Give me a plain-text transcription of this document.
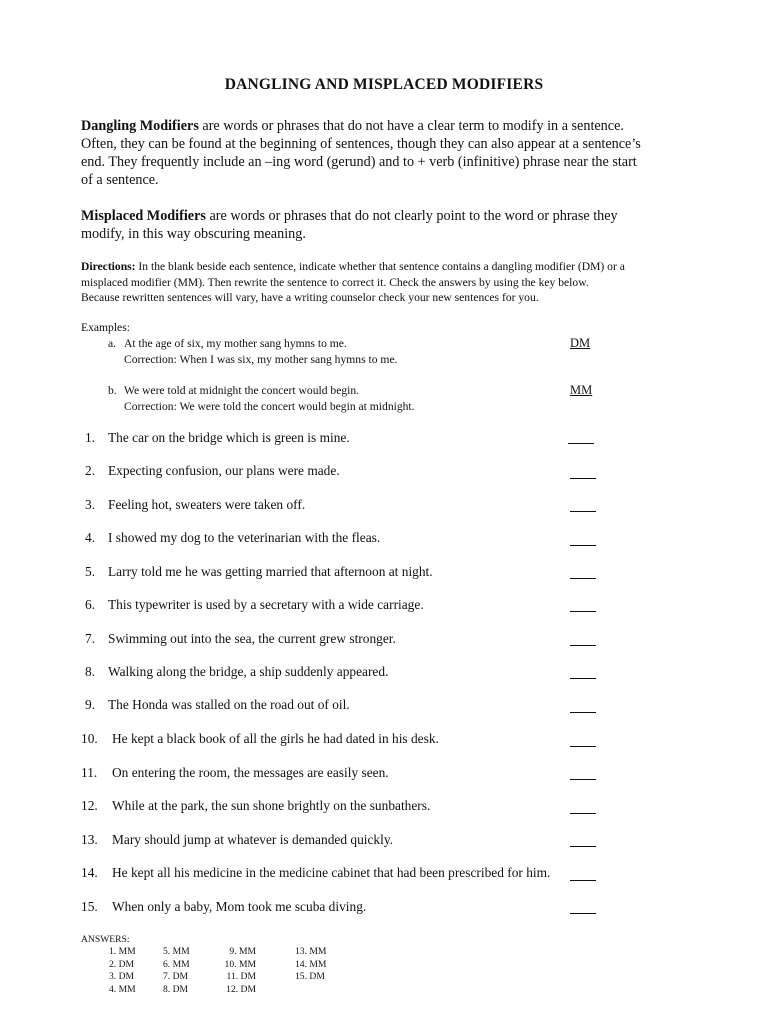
DANGLING AND MISPLACED MODIFIERS
Dangling Modifiers are words or phrases that do not have a clear term to modify in a sentence.
Often, they can be found at the beginning of sentences, though they can also appear at a sentence’s
end. They frequently include an –ing word (gerund) and to + verb (infinitive) phrase near the start
of a sentence.
Misplaced Modifiers are words or phrases that do not clearly point to the word or phrase they
modify, in this way obscuring meaning.
Directions: In the blank beside each sentence, indicate whether that sentence contains a dangling modifier (DM) or a
misplaced modifier (MM). Then rewrite the sentence to correct it. Check the answers by using the key below.
Because rewritten sentences will vary, have a writing counselor check your new sentences for you.
Examples:
a. At the age of six, my mother sang hymns to me.
Correction: When I was six, my mother sang hymns to me.
DM
b. We were told at midnight the concert would begin.
Correction: We were told the concert would begin at midnight.
MM
1. The car on the bridge which is green is mine.
2. Expecting confusion, our plans were made.
3. Feeling hot, sweaters were taken off.
4. I showed my dog to the veterinarian with the fleas.
5. Larry told me he was getting married that afternoon at night.
6. This typewriter is used by a secretary with a wide carriage.
7. Swimming out into the sea, the current grew stronger.
8. Walking along the bridge, a ship suddenly appeared.
9. The Honda was stalled on the road out of oil.
10. He kept a black book of all the girls he had dated in his desk.
11. On entering the room, the messages are easily seen.
12. While at the park, the sun shone brightly on the sunbathers.
13. Mary should jump at whatever is demanded quickly.
14. He kept all his medicine in the medicine cabinet that had been prescribed for him.
15. When only a baby, Mom took me scuba diving.
ANSWERS:
1. MM
2. DM
3. DM
4. MM
5. MM
6. MM
7. DM
8. DM
9. MM
10. MM
11. DM
12. DM
13. MM
14. MM
15. DM
